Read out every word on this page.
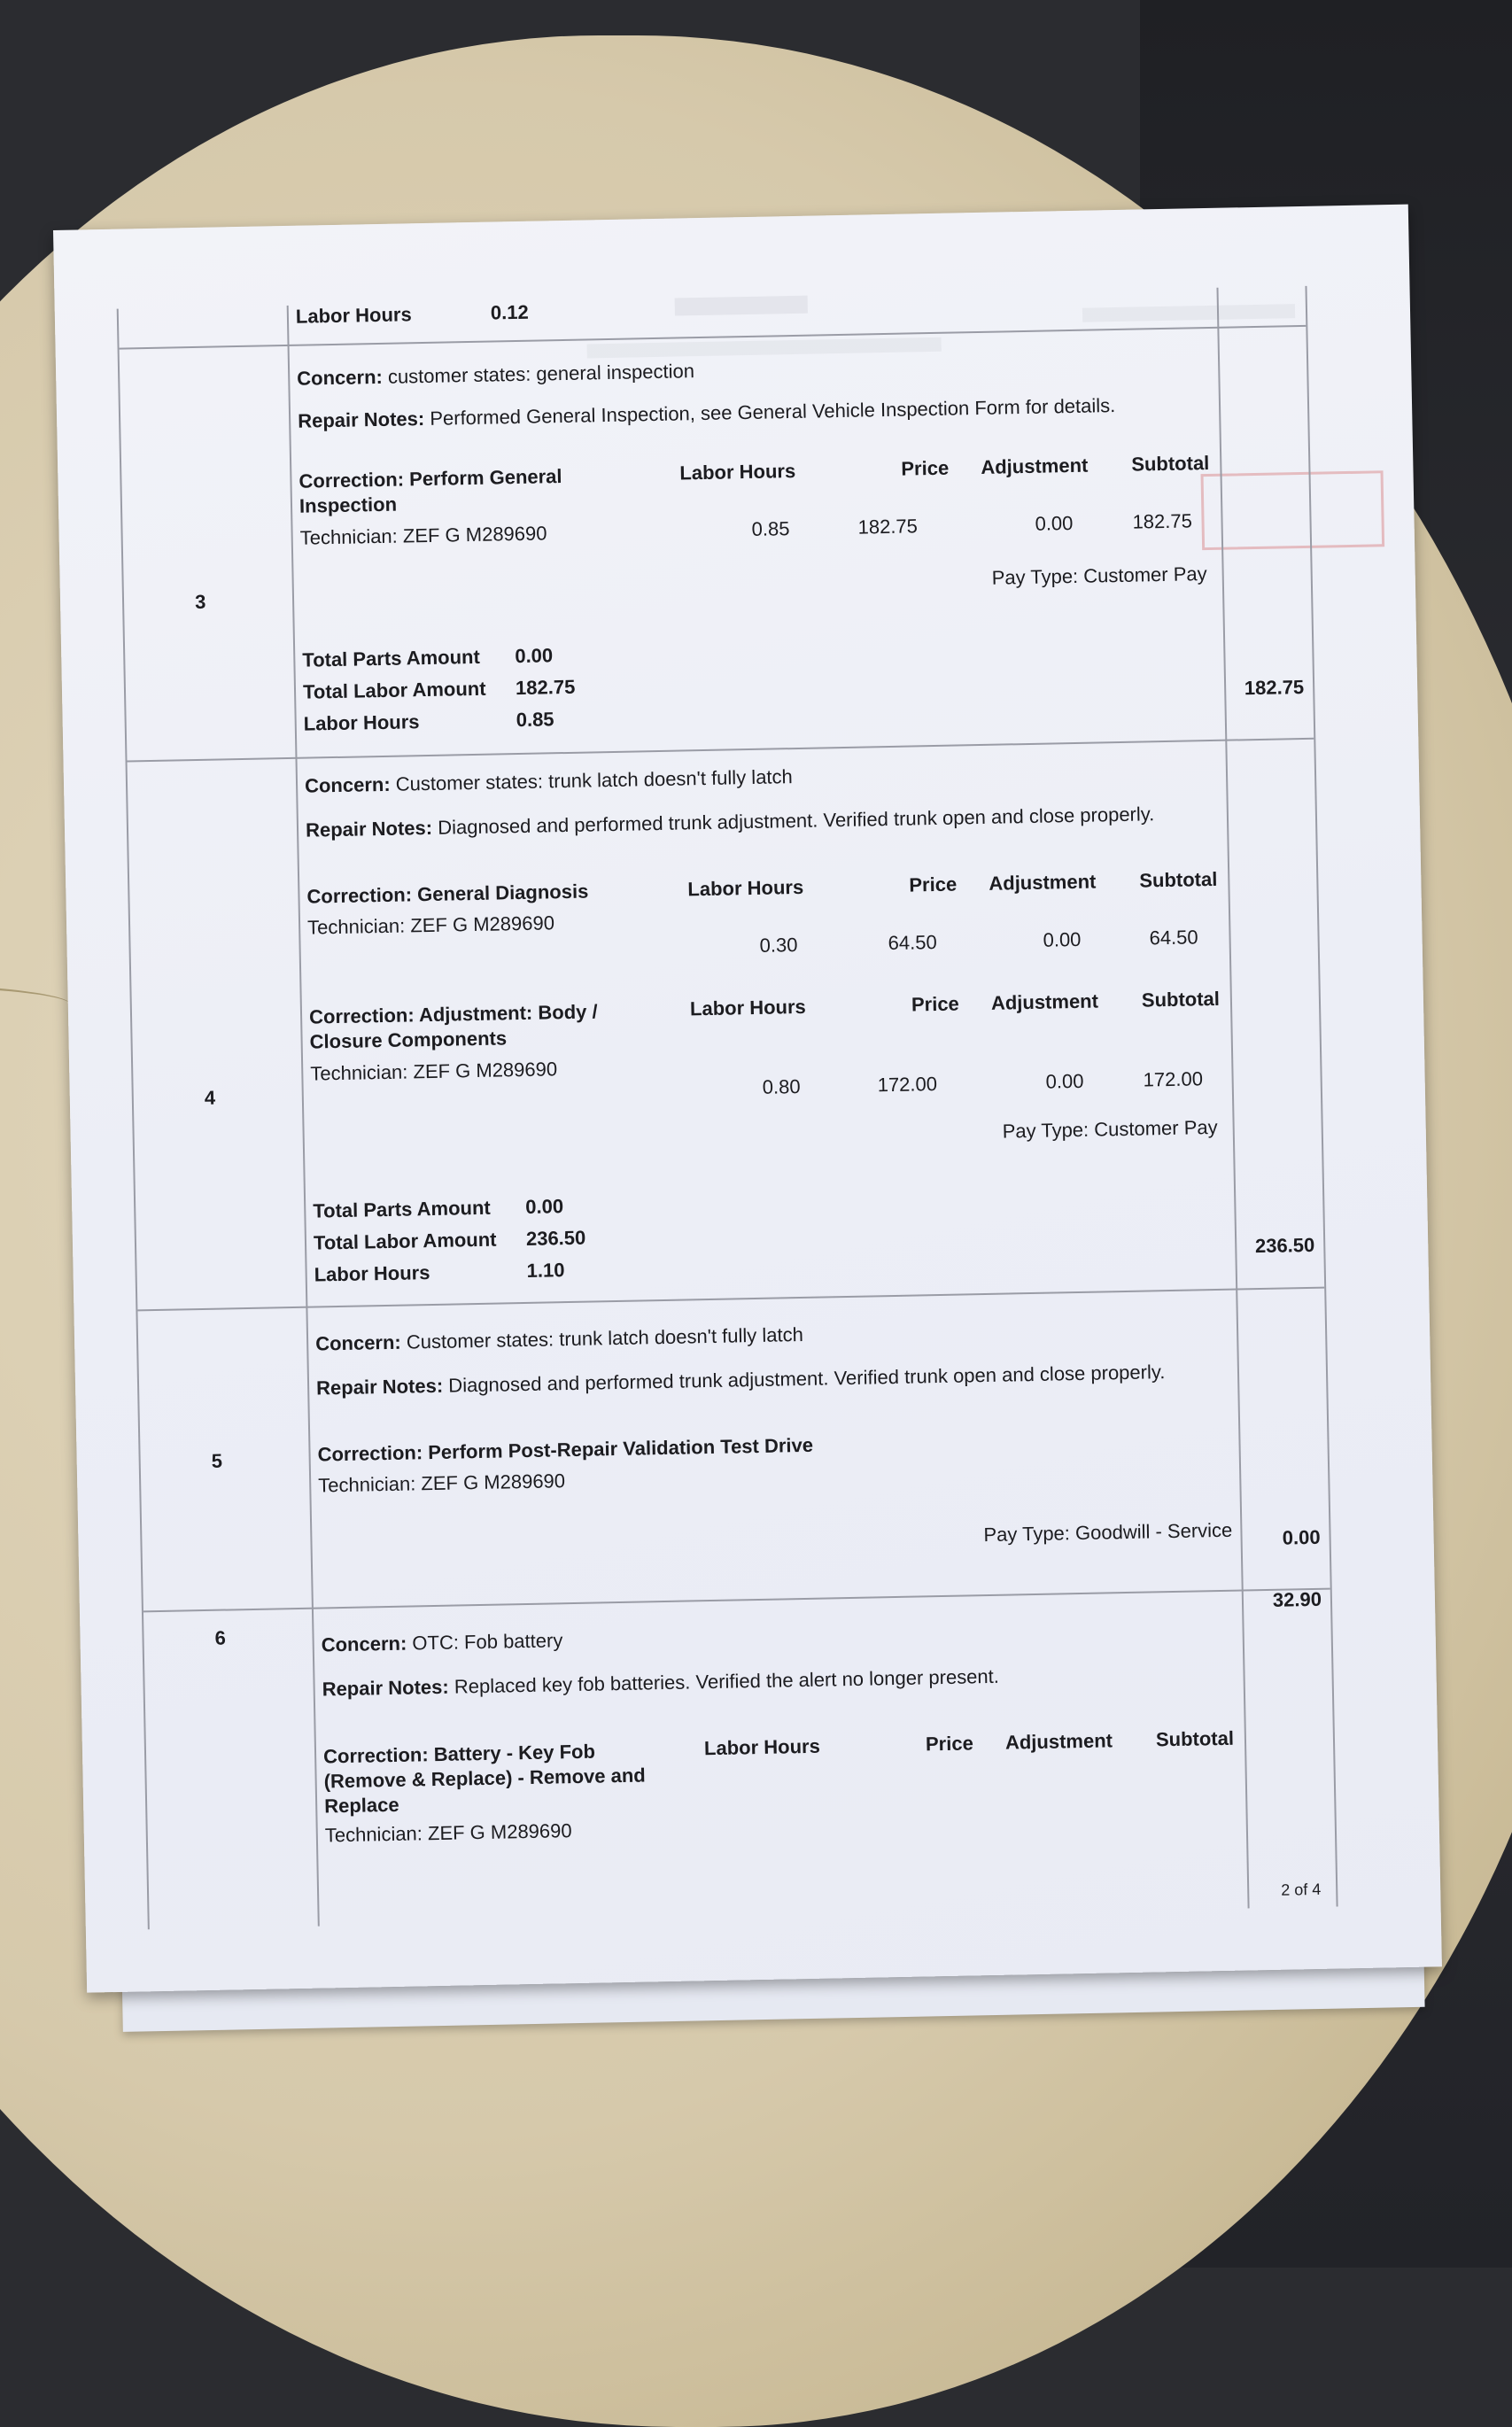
Labor Hours	0.12
3
Concern: customer states: general inspection
Repair Notes: Performed General Inspection, see General Vehicle Inspection Form for details.
Correction: Perform General Inspection
Technician: ZEF G M289690
Labor Hours	Price Adjustment Subtotal
0.85	182.75	0.00	182.75
Pay Type: Customer Pay
Total Parts Amount 0.00
Total Labor Amount 182.75
Labor Hours	0.85
182.75
4
Concern: Customer states: trunk latch doesn't fully latch
Repair Notes: Diagnosed and performed trunk adjustment. Verified trunk open and close properly.
Correction: General Diagnosis
Technician: ZEF G M289690
Labor Hours	Price Adjustment Subtotal
0.30	64.50	0.00	64.50
Correction: Adjustment: Body / Closure Components
Technician: ZEF G M289690
Labor Hours	Price Adjustment Subtotal
0.80	172.00	0.00	172.00
Pay Type: Customer Pay
Total Parts Amount 0.00
Total Labor Amount 236.50
Labor Hours	1.10
236.50
5
Concern: Customer states: trunk latch doesn't fully latch
Repair Notes: Diagnosed and performed trunk adjustment. Verified trunk open and close properly.
Correction: Perform Post-Repair Validation Test Drive
Technician: ZEF G M289690
Pay Type: Goodwill - Service	0.00
6
32.90
Concern: OTC: Fob battery
Repair Notes: Replaced key fob batteries. Verified the alert no longer present.
Correction: Battery - Key Fob (Remove & Replace) - Remove and Replace
Technician: ZEF G M289690
Labor Hours	Price Adjustment Subtotal
2 of 4
